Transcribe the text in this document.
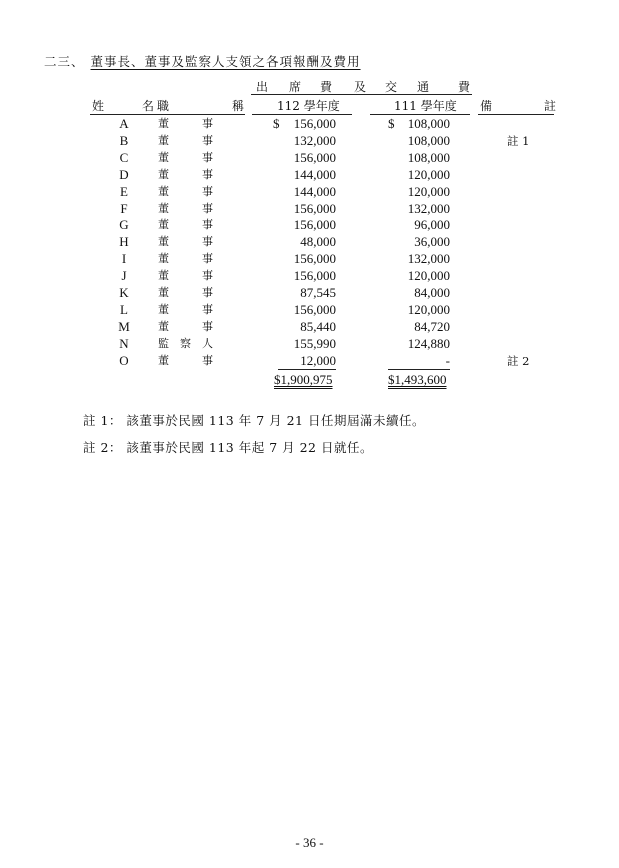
二三、 董事長、董事及監察人支領之各項報酬及費用
出 席 費 及 交 通 費
姓	名 職	稱	112 學年度	111 學年度 備	註
$	$
A	董	事	156,000	108,000
B	董	事	132,000	108,000	註 1
C	董	事	156,000	108,000
D	董	事	144,000	120,000
E	董	事	144,000	120,000
F	董	事	156,000	132,000
G	董	事	156,000	96,000
H	董	事	48,000	36,000
I	董	事	156,000	132,000
J	董	事	156,000	120,000
K	董	事	87,545	84,000
L	董	事	156,000	120,000
M	董	事	85,440	84,720
N	監 察 人	155,990	124,880
O	董	事	12,000	-	註 2
$1,900,975	$1,493,600
註 1： 該董事於民國 113 年 7 月 21 日任期屆滿未續任。
註 2： 該董事於民國 113 年起 7 月 22 日就任。
- 36 -
